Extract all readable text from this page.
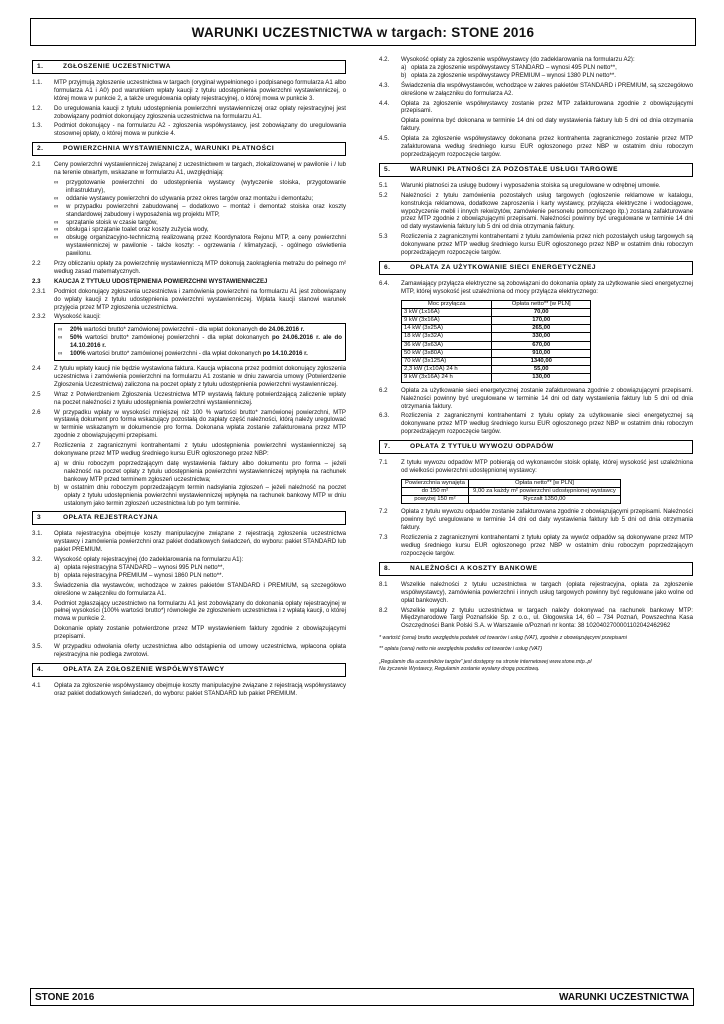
WARUNKI UCZESTNICTWA w targach: STONE 2016
1.	ZGŁOSZENIE UCZESTNICTWA
1.1.	MTP przyjmują zgłoszenie uczestnictwa w targach (oryginał wypełnionego i podpisanego formularza A1 albo formularza A1 i A0) pod warunkiem wpłaty kaucji z tytułu udostępnienia powierzchni wystawienniczej, o której mowa w punkcie 2, a także uregulowania opłaty rejestracyjnej, o której mowa w punkcie 3.
1.2.	Do uregulowania kaucji z tytułu udostępnienia powierzchni wystawienniczej oraz opłaty rejestracyjnej jest zobowiązany podmiot dokonujący zgłoszenia uczestnictwa na formularzu A1.
1.3.	Podmiot dokonujący - na formularzu A2 - zgłoszenia współwystawcy, jest zobowiązany do uregulowania stosownej opłaty, o której mowa w punkcie 4.
2.	POWIERZCHNIA WYSTAWIENNICZA, WARUNKI PŁATNOŚCI
2.1	Ceny powierzchni wystawienniczej związanej z uczestnictwem w targach, zlokalizowanej w pawilonie i / lub na terenie otwartym, wskazane w formularzu A1, uwzględniają:
∞	przygotowanie powierzchni do udostępnienia wystawcy (wytyczenie stoiska, przygotowanie infrastruktury),
∞	oddanie wystawcy powierzchni do używania przez okres targów oraz montażu i demontażu;
∞	w przypadku powierzchni zabudowanej – dodatkowo – montaż i demontaż stoiska oraz koszty standardowej zabudowy i wyposażenia wg projektu MTP,
∞	sprzątanie stoisk w czasie targów,
∞	obsługa i sprzątanie toalet oraz koszty zużycia wody,
∞	obsługę organizacyjno-techniczną realizowaną przez Koordynatora Rejonu MTP, a ceny powierzchni wystawienniczej w pawilonie - także koszty: - ogrzewania / klimatyzacji, - ogólnego oświetlenia pawilonu.
2.2	Przy obliczaniu opłaty za powierzchnię wystawienniczą MTP dokonują zaokrąglenia metrażu do pełnego m² według zasad matematycznych.
2.3	KAUCJA Z TYTUŁU UDOSTĘPNIENIA POWIERZCHNI WYSTAWIENNICZEJ
2.3.1	Podmiot dokonujący zgłoszenia uczestnictwa i zamówienia powierzchni na formularzu A1 jest zobowiązany do wpłaty kaucji z tytułu udostępnienia powierzchni wystawienniczej. Wpłata kaucji stanowi warunek przyjęcia przez MTP zgłoszenia uczestnictwa.
2.3.2	Wysokość kaucji:
∞	20% wartości brutto* zamówionej powierzchni - dla wpłat dokonanych do 24.06.2016 r.
∞	50% wartości brutto* zamówionej powierzchni - dla wpłat dokonanych po 24.06.2016 r. ale do 14.10.2016 r.
∞	100% wartości brutto* zamówionej powierzchni - dla wpłat dokonanych po 14.10.2016 r.
2.4	Z tytułu wpłaty kaucji nie będzie wystawiona faktura. Kaucja wpłacona przez podmiot dokonujący zgłoszenia uczestnictwa i zamówienia powierzchni na formularzu A1 zostanie w dniu zawarcia umowy (Potwierdzenie Zgłoszenia Uczestnictwa) zaliczona na poczet opłaty z tytułu udostępnienia powierzchni wystawienniczej.
2.5	Wraz z Potwierdzeniem Zgłoszenia Uczestnictwa MTP wystawią fakturę potwierdzającą zaliczenie wpłaty na poczet należności z tytułu udostępnienia powierzchni wystawienniczej.
2.6	W przypadku wpłaty w wysokości mniejszej niż 100 % wartości brutto* zamówionej powierzchni, MTP wystawią dokument pro forma wskazujący pozostałą do zapłaty część należności, którą należy uregulować w terminie wskazanym w dokumencie pro forma. Dokonana wpłata zostanie zafakturowana przez MTP zgodnie z obowiązującymi przepisami.
2.7	Rozliczenia z zagranicznymi kontrahentami z tytułu udostępnienia powierzchni wystawienniczej są dokonywane przez MTP według średniego kursu EUR ogłoszonego przez NBP:
a) w dniu roboczym poprzedzającym datę wystawienia faktury albo dokumentu pro forma – jeżeli należność na poczet opłaty z tytułu udostępnienia powierzchni wystawienniczej wpłynęła na rachunek bankowy MTP przed terminem zgłoszeń uczestnictwa;
b) w ostatnim dniu roboczym poprzedzającym termin nadsyłania zgłoszeń – jeżeli należność na poczet opłaty z tytułu udostępnienia powierzchni wystawienniczej wpłynęła na rachunek bankowy MTP w dniu ustalonym jako termin zgłoszeń uczestnictwa lub po tym terminie.
3	OPŁATA REJESTRACYJNA
3.1.	Opłata rejestracyjna obejmuje koszty manipulacyjne związane z rejestracją zgłoszenia uczestnictwa wystawcy i zamówienia powierzchni oraz pakiet dodatkowych świadczeń, do wyboru: pakiet STANDARD lub pakiet PREMIUM.
3.2.	Wysokość opłaty rejestracyjnej (do zadeklarowania na formularzu A1):
a) opłata rejestracyjna STANDARD – wynosi 995 PLN netto**,
b) opłata rejestracyjna PREMIUM – wynosi 1860 PLN netto**.
3.3.	Świadczenia dla wystawców, wchodzące w zakres pakietów STANDARD i PREMIUM, są szczegółowo określone w załączniku do formularza A1.
3.4.	Podmiot zgłaszający uczestnictwo na formularzu A1 jest zobowiązany do dokonania opłaty rejestracyjnej w pełnej wysokości (100% wartości brutto*) równolegle ze zgłoszeniem uczestnictwa i z wpłatą kaucji, o której mowa w punkcie 2.
Dokonanie opłaty zostanie potwierdzone przez MTP wystawieniem faktury zgodnie z obowiązującymi przepisami.
3.5.	W przypadku odwołania oferty uczestnictwa albo odstąpienia od umowy uczestnictwa, wpłacona opłata rejestracyjna nie podlega zwrotowi.
4.	OPŁATA ZA ZGŁOSZENIE WSPÓŁWYSTAWCY
4.1	Opłata za zgłoszenie współwystawcy obejmuje koszty manipulacyjne związane z rejestracją współwystawcy oraz pakiet dodatkowych świadczeń, do wyboru: pakiet STANDARD lub pakiet PREMIUM.
4.2.	Wysokość opłaty za zgłoszenie współwystawcy (do zadeklarowania na formularzu A2):
a) opłata za zgłoszenie współwystawcy STANDARD – wynosi 495 PLN netto**,
b) opłata za zgłoszenie współwystawcy PREMIUM – wynosi 1380 PLN netto**.
4.3.	Świadczenia dla współwystawców, wchodzące w zakres pakietów STANDARD i PREMIUM, są szczegółowo określone w załączniku do formularza A2.
4.4.	Opłata za zgłoszenie współwystawcy zostanie przez MTP zafakturowana zgodnie z obowiązującymi przepisami.
Opłata powinna być dokonana w terminie 14 dni od daty wystawienia faktury lub 5 dni od dnia otrzymania faktury.
4.5.	Opłata za zgłoszenie współwystawcy dokonana przez kontrahenta zagranicznego zostanie przez MTP zafakturowana według średniego kursu EUR ogłoszonego przez NBP w ostatnim dniu roboczym poprzedzającym rozpoczęcie targów.
5.	WARUNKI PŁATNOŚCI ZA POZOSTAŁE USŁUGI TARGOWE
5.1	Warunki płatności za usługę budowy i wyposażenia stoiska są uregulowane w odrębnej umowie.
5.2	Należności z tytułu zamówienia pozostałych usług targowych (ogłoszenie reklamowe w katalogu, konstrukcja reklamowa, dodatkowe zaproszenia i karty wystawcy, przyłącza elektryczne i wodociągowe, wypożyczenie mebli i innych rekwizytów, zamówienie personelu pomocniczego itp.) zostaną zafakturowane przez MTP zgodnie z obowiązującymi przepisami. Należności powinny być uregulowane w terminie 14 dni od daty wystawienia faktury lub 5 dni od dnia otrzymania faktury.
5.3	Rozliczenia z zagranicznymi kontrahentami z tytułu zamówienia przez nich pozostałych usług targowych są dokonywane przez MTP według średniego kursu EUR ogłoszonego przez NBP w ostatnim dniu roboczym poprzedzającym rozpoczęcie targów.
6.	OPŁATA ZA UŻYTKOWANIE SIECI ENERGETYCZNEJ
6.4.	Zamawiający przyłącza elektryczne są zobowiązani do dokonania opłaty za użytkowanie sieci energetycznej MTP, której wysokość jest uzależniona od mocy przyłącza elektrycznego:
Moc przyłącza	Opłata netto** [w PLN]
3 kW (1x16A)	70,00
9 kW (3x16A)	170,00
14 kW (3x25A)	265,00
18 kW (3x32A)	330,00
36 kW (3x63A)	670,00
50 kW (3x80A)	910,00
70 kW (3x125A)	1340,00
2,3 kW (1x10A) 24 h	55,00
9 kW (3x16A) 24 h	130,00
6.2	Opłata za użytkowanie sieci energetycznej zostanie zafakturowana zgodnie z obowiązującymi przepisami. Należności powinny być uregulowane w terminie 14 dni od daty wystawienia faktury lub 5 dni od dnia otrzymania faktury.
6.3.	Rozliczenia z zagranicznymi kontrahentami z tytułu opłaty za użytkowanie sieci energetycznej są dokonywane przez MTP według średniego kursu EUR ogłoszonego przez NBP w ostatnim dniu roboczym poprzedzającym rozpoczęcie targów.
7.	OPŁATA Z TYTUŁU WYWOZU ODPADÓW
7.1	Z tytułu wywozu odpadów MTP pobierają od wykonawców stoisk opłatę, której wysokość jest uzależniona od wielkości powierzchni udostępnionej wystawcy:
Powierzchnia wynajęta	Opłata netto** [w PLN]
do 150 m²	9,00 za każdy m² powierzchni udostępnionej wystawcy
powyżej 150 m²	Ryczałt 1350,00
7.2	Opłata z tytułu wywozu odpadów zostanie zafakturowana zgodnie z obowiązującymi przepisami. Należności powinny być uregulowane w terminie 14 dni od daty wystawienia faktury lub 5 dni od dnia otrzymania faktury.
7.3	Rozliczenia z zagranicznymi kontrahentami z tytułu opłaty za wywóz odpadów są dokonywane przez MTP według średniego kursu EUR ogłoszonego przez NBP w ostatnim dniu roboczym poprzedzającym rozpoczęcie targów.
8.	NALEŻNOŚCI A KOSZTY BANKOWE
8.1	Wszelkie należności z tytułu uczestnictwa w targach (opłata rejestracyjna, opłata za zgłoszenie współwystawcy), zamówienia powierzchni i innych usług targowych powinny być regulowane jako wolne od opłat bankowych.
8.2	Wszelkie wpłaty z tytułu uczestnictwa w targach należy dokonywać na rachunek bankowy MTP: Międzynarodowe Targi Poznańskie Sp. z o.o., ul. Głogowska 14, 60 – 734 Poznań, Powszechna Kasa Oszczędności Bank Polski S.A. w Warszawie o/Poznań nr konta: 38 1020402700001102042462962
* wartość (cena) brutto uwzględnia podatek od towarów i usług (VAT), zgodnie z obowiązującymi przepisami
** opłata (cena) netto nie uwzględnia podatku od towarów i usług (VAT)
„Regulamin dla uczestników targów” jest dostępny na stronie internetowej www.stone.mtp..pl
Na życzenie Wystawcy, Regulamin zostanie wysłany drogą pocztową.
STONE 2016	WARUNKI UCZESTNICTWA
